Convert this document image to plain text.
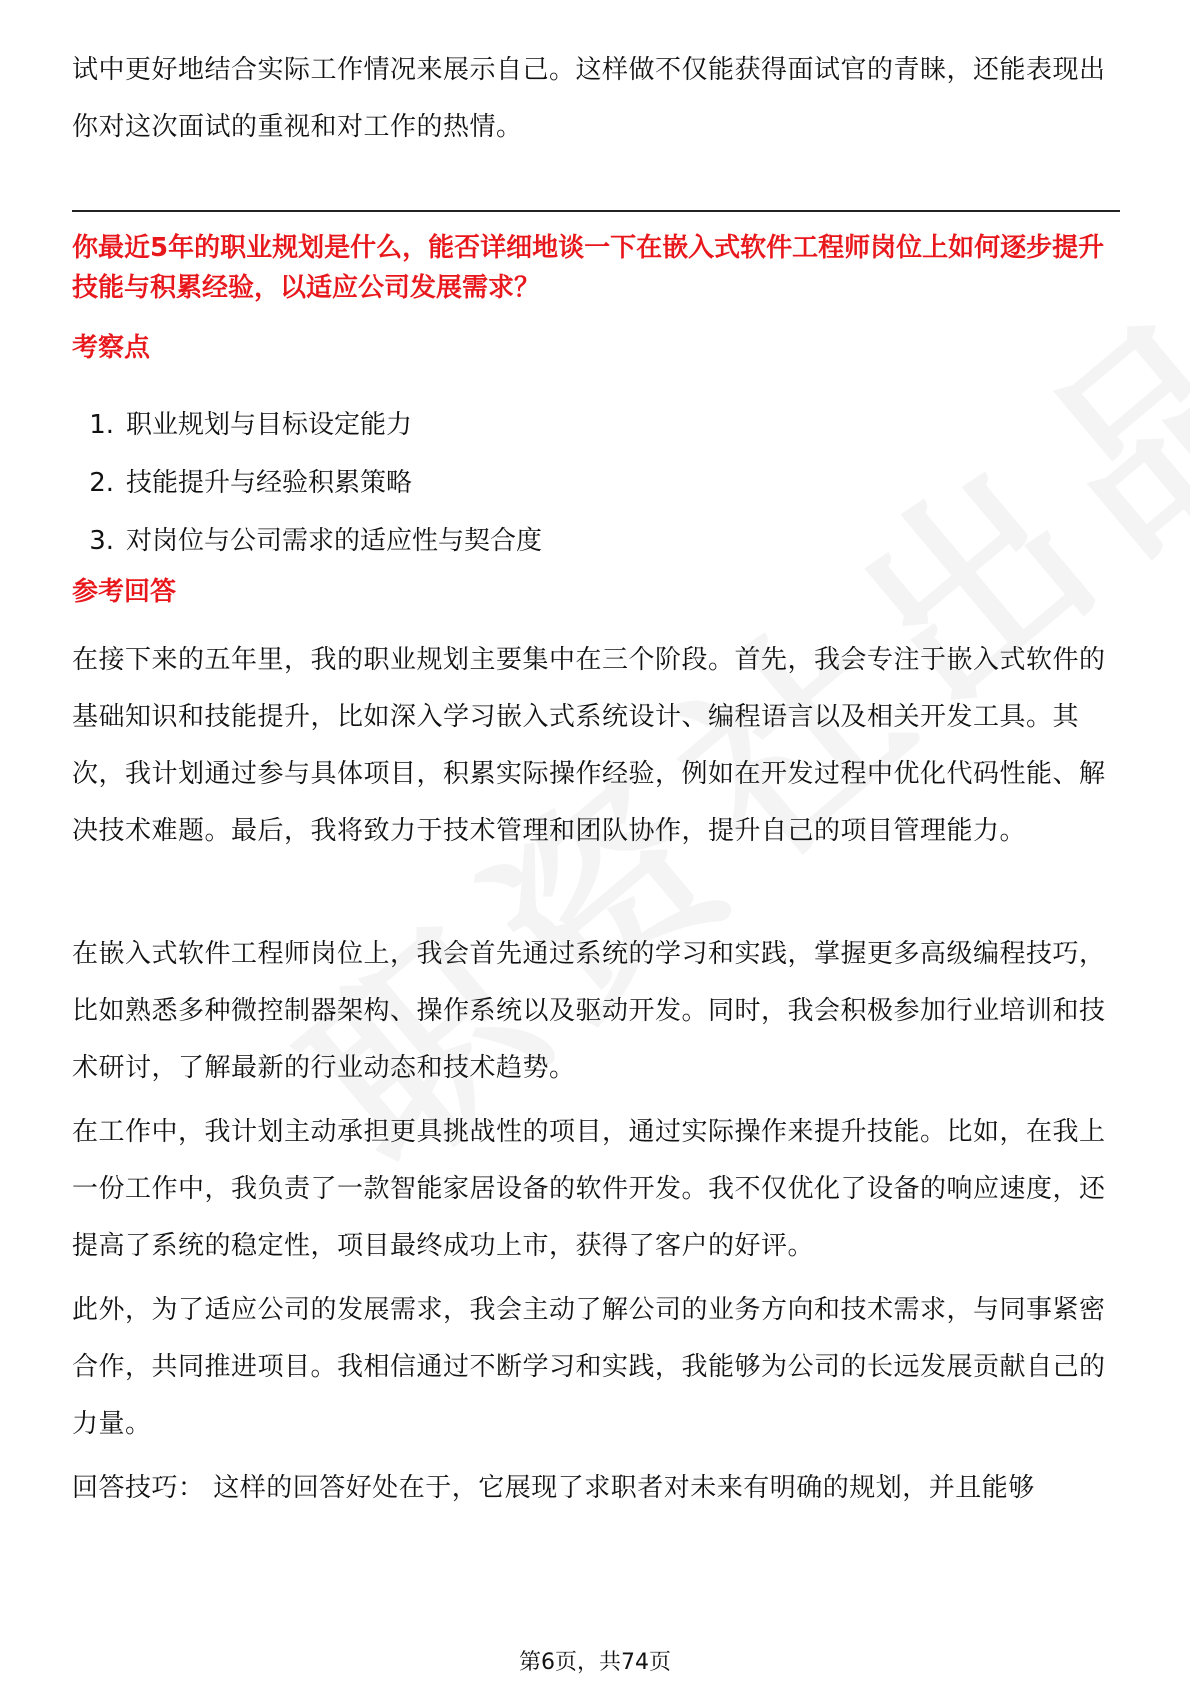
试中更好地结合实际工作情况来展示自己。这样做不仅能获得面试官的青睐，还能表现出你对这次面试的重视和对工作的热情。

你最近5年的职业规划是什么，能否详细地谈一下在嵌入式软件工程师岗位上如何逐步提升技能与积累经验，以适应公司发展需求？

考察点

1. 职业规划与目标设定能力
2. 技能提升与经验积累策略
3. 对岗位与公司需求的适应性与契合度

参考回答

在接下来的五年里，我的职业规划主要集中在三个阶段。首先，我会专注于嵌入式软件的基础知识和技能提升，比如深入学习嵌入式系统设计、编程语言以及相关开发工具。其次，我计划通过参与具体项目，积累实际操作经验，例如在开发过程中优化代码性能、解决技术难题。最后，我将致力于技术管理和团队协作，提升自己的项目管理能力。

在嵌入式软件工程师岗位上，我会首先通过系统的学习和实践，掌握更多高级编程技巧，比如熟悉多种微控制器架构、操作系统以及驱动开发。同时，我会积极参加行业培训和技术研讨，了解最新的行业动态和技术趋势。

在工作中，我计划主动承担更具挑战性的项目，通过实际操作来提升技能。比如，在我上一份工作中，我负责了一款智能家居设备的软件开发。我不仅优化了设备的响应速度，还提高了系统的稳定性，项目最终成功上市，获得了客户的好评。

此外，为了适应公司的发展需求，我会主动了解公司的业务方向和技术需求，与同事紧密合作，共同推进项目。我相信通过不断学习和实践，我能够为公司的长远发展贡献自己的力量。

回答技巧： 这样的回答好处在于，它展现了求职者对未来有明确的规划，并且能够

第6页，共74页
